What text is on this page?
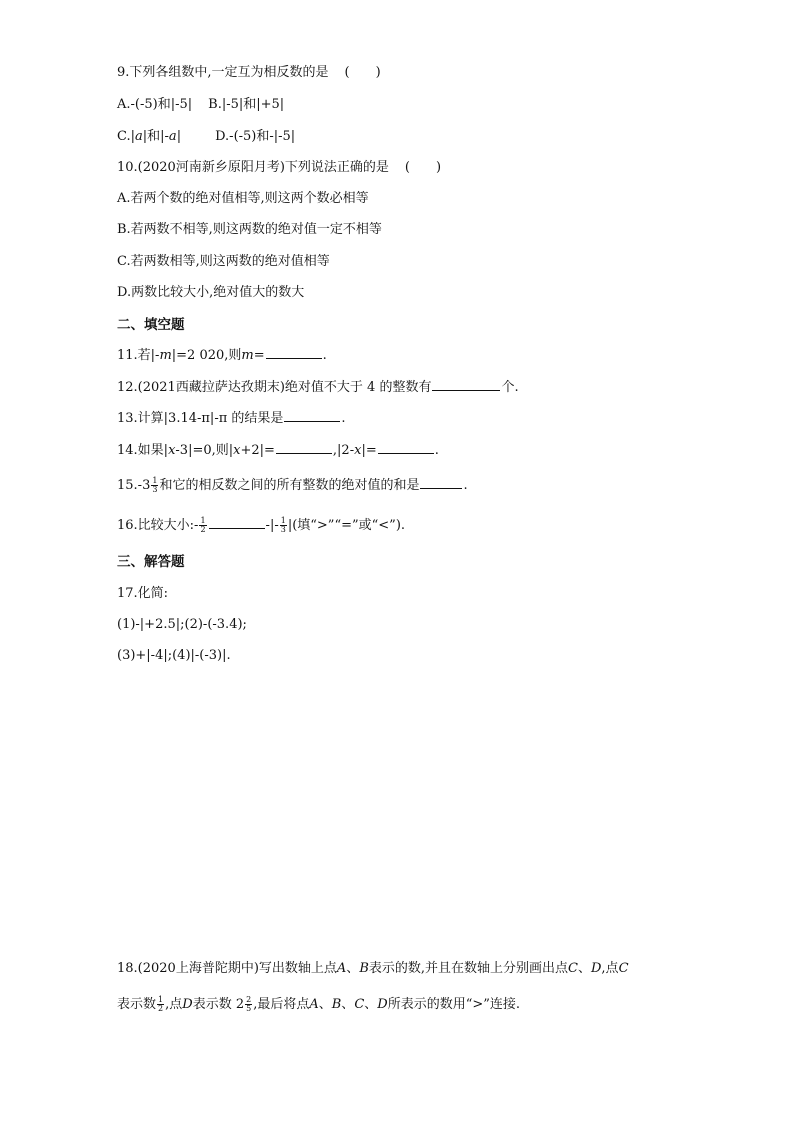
9.下列各组数中,一定互为相反数的是 (　　)
A.-(-5)和|-5| B.|-5|和|+5|
C.|a|和|-a|	D.-(-5)和-|-5|
10.(2020河南新乡原阳月考)下列说法正确的是 (　　)
A.若两个数的绝对值相等,则这两个数必相等
B.若两数不相等,则这两数的绝对值一定不相等
C.若两数相等,则这两数的绝对值相等
D.两数比较大小,绝对值大的数大
二、填空题
11.若|-m|=2 020,则m=	.
12.(2021西藏拉萨达孜期末)绝对值不大于 4 的整数有	个.
13.计算|3.14-π|-π 的结果是	.
14.如果|x-3|=0,则|x+2|=	,|2-x|=	.
$15.-3 \frac{1}{3}$ 和它的相反数之间的所有整数的绝对值的和是	.
16.比较大小:- $\frac{1}{2}$	-|- $\frac{1}{3}$ |(填“>”“=”或“<”).
三、解答题
17.化简:
(1)-|+2.5|;(2)-(-3.4);
(3)+|-4|;(4)|-(-3)|.
18.(2020上海普陀期中)写出数轴上点A、B表示的数,并且在数轴上分别画出点C、D,点C
表示数 $\frac{1}{2}$ ,点D表示数 $2 \frac{2}{5}$ ,最后将点A、B、C、D所表示的数用“>”连接.
